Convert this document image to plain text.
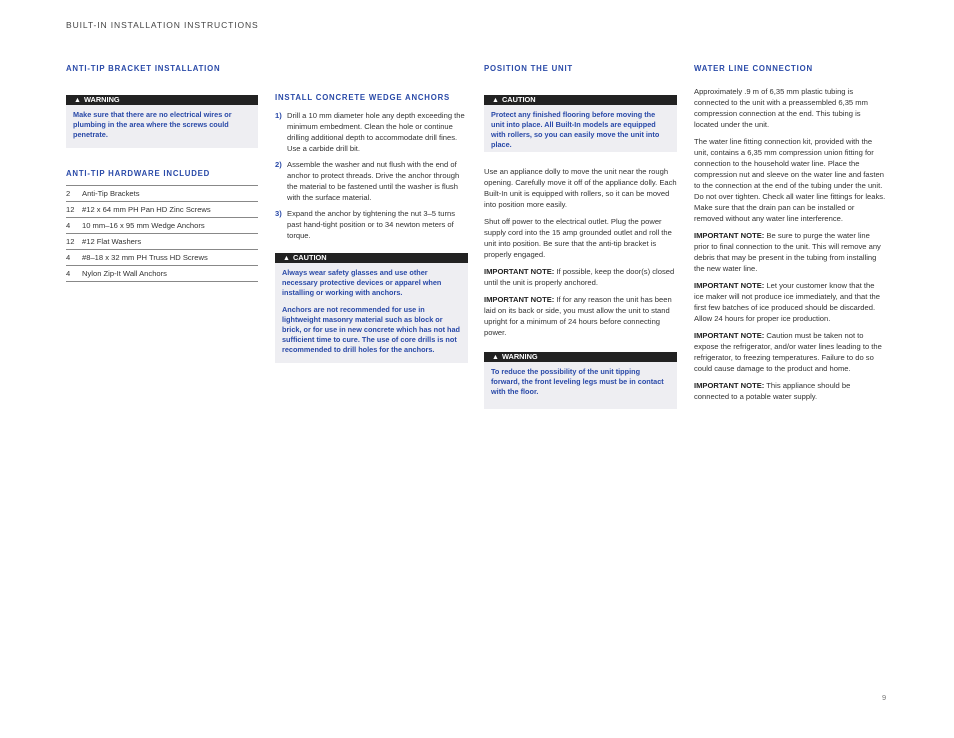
BUILT-IN INSTALLATION INSTRUCTIONS
ANTI-TIP BRACKET INSTALLATION
▲ WARNING

Make sure that there are no electrical wires or plumbing in the area where the screws could penetrate.

ANTI-TIP HARDWARE INCLUDED
2	Anti-Tip Brackets
12	#12 x 64 mm PH Pan HD Zinc Screws
4	10 mm–16 x 95 mm Wedge Anchors
12	#12 Flat Washers
4	#8–18 x 32 mm PH Truss HD Screws
4	Nylon Zip-It Wall Anchors
INSTALL CONCRETE WEDGE ANCHORS
1) Drill a 10 mm diameter hole any depth exceeding the minimum embedment. Clean the hole or continue drilling additional depth to accommodate drill fines. Use a carbide drill bit.
2) Assemble the washer and nut flush with the end of anchor to protect threads. Drive the anchor through the material to be fastened until the washer is flush with the surface material.
3) Expand the anchor by tightening the nut 3–5 turns past hand-tight position or to 34 newton meters of torque.
▲ CAUTION

Always wear safety glasses and use other necessary protective devices or apparel when installing or working with anchors.

Anchors are not recommended for use in lightweight masonry material such as block or brick, or for use in new concrete which has not had sufficient time to cure. The use of core drills is not recommended to drill holes for the anchors.

POSITION THE UNIT
▲ CAUTION

Protect any finished flooring before moving the unit into place. All Built-In models are equipped with rollers, so you can easily move the unit into place.

Use an appliance dolly to move the unit near the rough opening. Carefully move it off of the appliance dolly. Each Built-In unit is equipped with rollers, so it can be moved into position more easily.

Shut off power to the electrical outlet. Plug the power supply cord into the 15 amp grounded outlet and roll the unit into position. Be sure that the anti-tip bracket is properly engaged.

IMPORTANT NOTE: If possible, keep the door(s) closed until the unit is properly anchored.

IMPORTANT NOTE: If for any reason the unit has been laid on its back or side, you must allow the unit to stand upright for a minimum of 24 hours before connecting power.

▲ WARNING

To reduce the possibility of the unit tipping forward, the front leveling legs must be in contact with the floor.

WATER LINE CONNECTION

Approximately .9 m of 6,35 mm plastic tubing is connected to the unit with a preassembled 6,35 mm compression connection at the end. This tubing is located under the unit.

The water line fitting connection kit, provided with the unit, contains a 6,35 mm compression union fitting for connection to the household water line. Place the compression nut and sleeve on the water line and fasten to the connection at the end of the tubing under the unit. Do not over tighten. Check all water line fittings for leaks. Make sure that the drain pan can be installed or removed without any water line interference.

IMPORTANT NOTE: Be sure to purge the water line prior to final connection to the unit. This will remove any debris that may be present in the tubing from installing the new water line.

IMPORTANT NOTE: Let your customer know that the ice maker will not produce ice immediately, and that the first few batches of ice produced should be discarded. Allow 24 hours for proper ice production.

IMPORTANT NOTE: Caution must be taken not to expose the refrigerator, and/or water lines leading to the refrigerator, to freezing temperatures. Failure to do so could cause damage to the product and home.

IMPORTANT NOTE: This appliance should be connected to a potable water supply.

9
